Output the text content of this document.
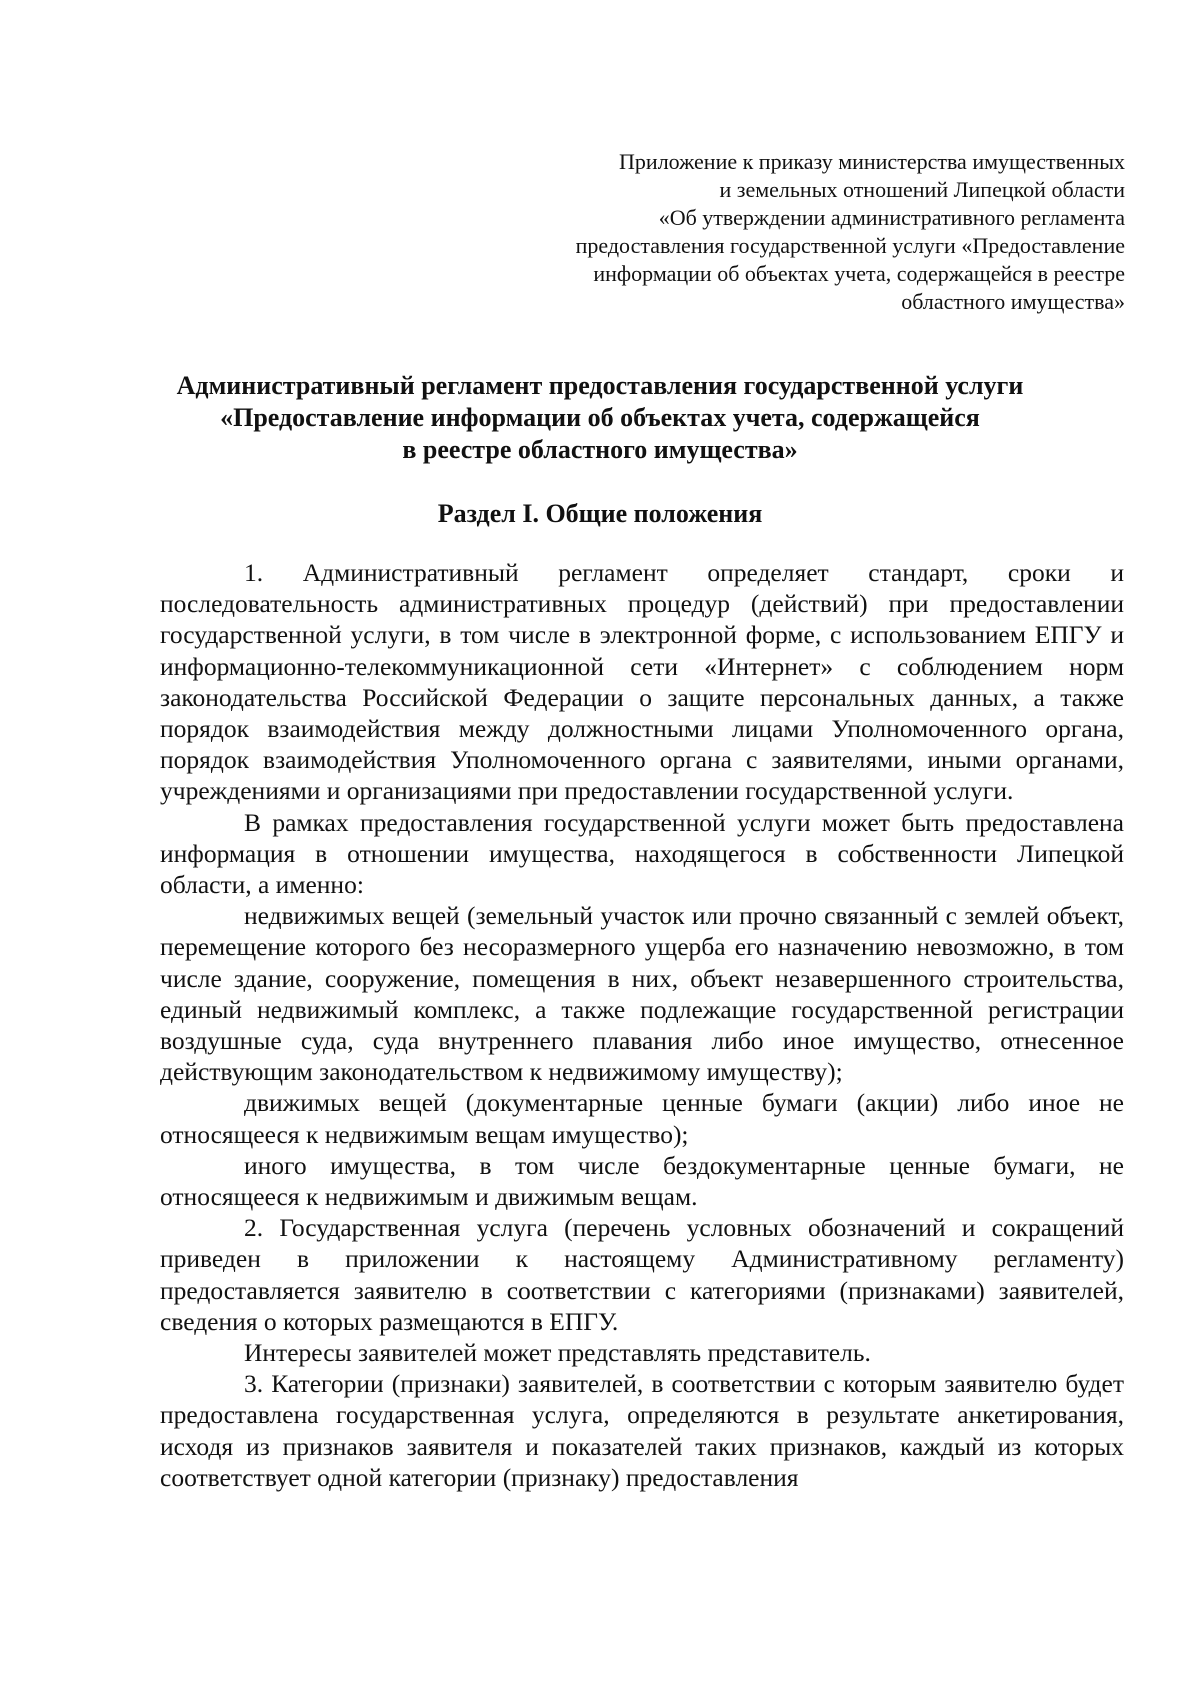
Приложение к приказу министерства имущественных
и земельных отношений Липецкой области
«Об утверждении административного регламента
предоставления государственной услуги «Предоставление
информации об объектах учета, содержащейся в реестре
областного имущества»
Административный регламент предоставления государственной услуги
«Предоставление информации об объектах учета, содержащейся
в реестре областного имущества»
Раздел I. Общие положения

1. Административный регламент определяет стандарт, сроки и последовательность административных процедур (действий) при предоставлении государственной услуги, в том числе в электронной форме, с использованием ЕПГУ и информационно-телекоммуникационной сети «Интернет» с соблюдением норм законодательства Российской Федерации о защите персональных данных, а также порядок взаимодействия между должностными лицами Уполномоченного органа, порядок взаимодействия Уполномоченного органа с заявителями, иными органами, учреждениями и организациями при предоставлении государственной услуги.

В рамках предоставления государственной услуги может быть предоставлена информация в отношении имущества, находящегося в собственности Липецкой области, а именно:

недвижимых вещей (земельный участок или прочно связанный с землей объект, перемещение которого без несоразмерного ущерба его назначению невозможно, в том числе здание, сооружение, помещения в них, объект незавершенного строительства, единый недвижимый комплекс, а также подлежащие государственной регистрации воздушные суда, суда внутреннего плавания либо иное имущество, отнесенное действующим законодательством к недвижимому имуществу);

движимых вещей (документарные ценные бумаги (акции) либо иное не относящееся к недвижимым вещам имущество);

иного имущества, в том числе бездокументарные ценные бумаги, не относящееся к недвижимым и движимым вещам.

2. Государственная услуга (перечень условных обозначений и сокращений приведен в приложении к настоящему Административному регламенту) предоставляется заявителю в соответствии с категориями (признаками) заявителей, сведения о которых размещаются в ЕПГУ.

Интересы заявителей может представлять представитель.

3. Категории (признаки) заявителей, в соответствии с которым заявителю будет предоставлена государственная услуга, определяются в результате анкетирования, исходя из признаков заявителя и показателей таких признаков, каждый из которых соответствует одной категории (признаку) предоставления
